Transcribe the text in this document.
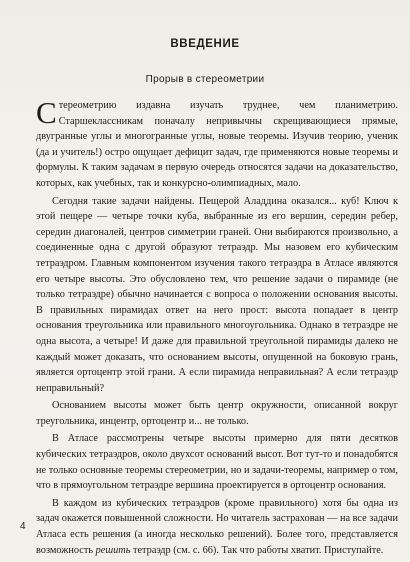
ВВЕДЕНИЕ
Прорыв в стереометрии

Стереометрию издавна изучать труднее, чем планиметрию. Старшеклассникам поначалу непривычны скрещивающиеся прямые, двугранные углы и многогранные углы, новые теоремы. Изучив теорию, ученик (да и учитель!) остро ощущает дефицит задач, где применяются новые теоремы и формулы. К таким задачам в первую очередь относятся задачи на доказательство, которых, как учебных, так и конкурсно-олимпиадных, мало.

Сегодня такие задачи найдены. Пещерой Аладдина оказался... куб! Ключ к этой пещере — четыре точки куба, выбранные из его вершин, середин ребер, середин диагоналей, центров симметрии граней. Они выбираются произвольно, а соединенные одна с другой образуют тетраэдр. Мы назовем его кубическим тетраэдром. Главным компонентом изучения такого тетраэдра в Атласе являются его четыре высоты. Это обусловлено тем, что решение задачи о пирамиде (не только тетраэдре) обычно начинается с вопроса о положении основания высоты. В правильных пирамидах ответ на него прост: высота попадает в центр основания треугольника или правильного многоугольника. Однако в тетраэдре не одна высота, а четыре! И даже для правильной треугольной пирамиды далеко не каждый может доказать, что основанием высоты, опущенной на боковую грань, является ортоцентр этой грани. А если пирамида неправильная? А если тетраэдр неправильный?

Основанием высоты может быть центр окружности, описанной вокруг треугольника, инцентр, ортоцентр и... не только.

В Атласе рассмотрены четыре высоты примерно для пяти десятков кубических тетраэдров, около двухсот оснований высот. Вот тут-то и понадобятся не только основные теоремы стереометрии, но и задачи-теоремы, например о том, что в прямоугольном тетраэдре вершина проектируется в ортоцентр основания.

В каждом из кубических тетраэдров (кроме правильного) хотя бы одна из задач окажется повышенной сложности. Но читатель застрахован — на все задачи Атласа есть решения (а иногда несколько решений). Более того, представляется возможность решить тетраэдр (см. с. 66). Так что работы хватит. Приступайте.

4
